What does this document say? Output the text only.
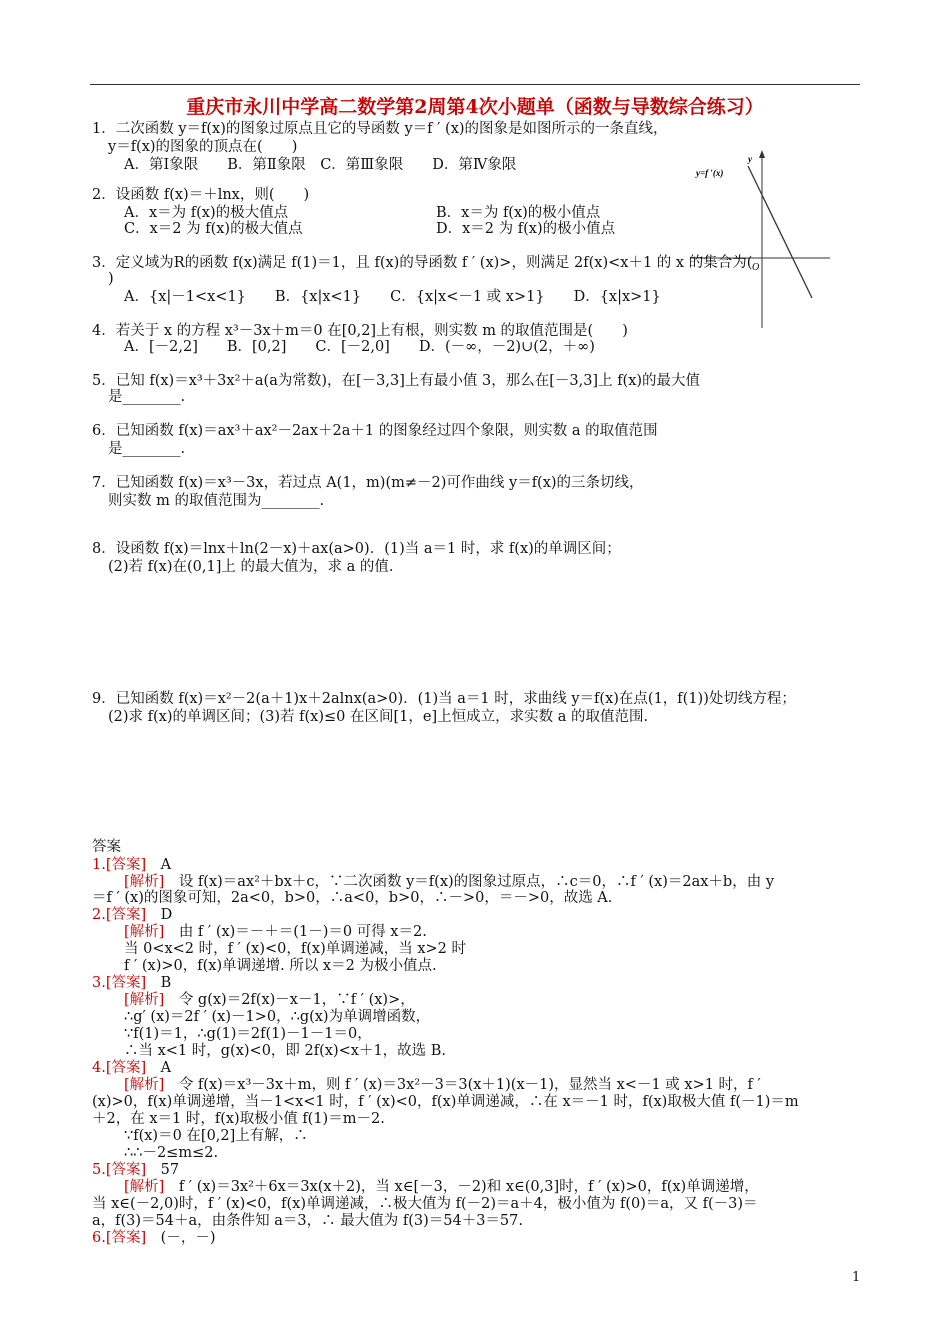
重庆市永川中学高二数学第2周第4次小题单（函数与导数综合练习）
1．二次函数 y＝f(x)的图象过原点且它的导函数 y＝f ′ (x)的图象是如图所示的一条直线，
y＝f(x)的图象的顶点在(　　)
A．第Ⅰ象限　　B．第Ⅱ象限　C．第Ⅲ象限　　D．第Ⅳ象限	y=f ′(x)
y
O
2．设函数 f(x)＝＋lnx，则(　　)
A．x＝为 f(x)的极大值点	B．x＝为 f(x)的极小值点
C．x＝2 为 f(x)的极大值点	D．x＝2 为 f(x)的极小值点
3．定义域为R的函数 f(x)满足 f(1)＝1，且 f(x)的导函数 f ′ (x)>，则满足 2f(x)<x＋1 的 x 的集合为(
)
A．{x|－1<x<1}　　B．{x|x<1}　　C．{x|x<－1 或 x>1}　　D．{x|x>1}
4．若关于 x 的方程 x³－3x＋m＝0 在[0,2]上有根，则实数 m 的取值范围是(　　)
A．[－2,2]　　B．[0,2]　　C．[－2,0]　　D．(－∞，－2)∪(2，＋∞)
5．已知 f(x)＝x³＋3x²＋a(a为常数)，在[－3,3]上有最小值 3，那么在[－3,3]上 f(x)的最大值
是________.
6．已知函数 f(x)＝ax³＋ax²－2ax＋2a＋1 的图象经过四个象限，则实数 a 的取值范围
是________.
7．已知函数 f(x)＝x³－3x，若过点 A(1，m)(m≠－2)可作曲线 y＝f(x)的三条切线，
则实数 m 的取值范围为________.
8．设函数 f(x)＝lnx＋ln(2－x)＋ax(a>0)．(1)当 a＝1 时，求 f(x)的单调区间；
(2)若 f(x)在(0,1]上 的最大值为，求 a 的值.
9．已知函数 f(x)＝x²－2(a＋1)x＋2alnx(a>0)．(1)当 a＝1 时，求曲线 y＝f(x)在点(1，f(1))处切线方程；
(2)求 f(x)的单调区间；(3)若 f(x)≤0 在区间[1，e]上恒成立，求实数 a 的取值范围.
答案
1.[答案]　 A
[解析]　 设 f(x)＝ax²＋bx＋c，∵二次函数 y＝f(x)的图象过原点，∴c＝0，∴f ′ (x)＝2ax＋b，由 y
＝f ′ (x)的图象可知，2a<0，b>0，∴a<0，b>0，∴－>0，＝－>0，故选 A.
2.[答案]　 D
[解析]　 由 f ′ (x)＝－＋＝(1－)＝0 可得 x＝2.
当 0<x<2 时，f ′ (x)<0，f(x)单调递减，当 x>2 时
f ′ (x)>0，f(x)单调递增. 所以 x＝2 为极小值点.
3.[答案]　 B
[解析]　 令 g(x)＝2f(x)－x－1，∵f ′ (x)>，
∴g′ (x)＝2f ′ (x)－1>0，∴g(x)为单调增函数，
∵f(1)＝1，∴g(1)＝2f(1)－1－1＝0，
∴当 x<1 时，g(x)<0，即 2f(x)<x＋1，故选 B.
4.[答案]　 A
[解析]　 令 f(x)＝x³－3x＋m，则 f ′ (x)＝3x²－3＝3(x＋1)(x－1)，显然当 x<－1 或 x>1 时，f ′
(x)>0，f(x)单调递增，当－1<x<1 时，f ′ (x)<0，f(x)单调递减，∴在 x＝－1 时，f(x)取极大值 f(－1)＝m
＋2，在 x＝1 时，f(x)取极小值 f(1)＝m－2.
∵f(x)＝0 在[0,2]上有解，∴
∴∴－2≤m≤2.
5.[答案]　 57
[解析]　 f ′ (x)＝3x²＋6x＝3x(x＋2)，当 x∈[－3，－2)和 x∈(0,3]时，f ′ (x)>0，f(x)单调递增，
当 x∈(－2,0)时，f ′ (x)<0，f(x)单调递减，∴极大值为 f(－2)＝a＋4，极小值为 f(0)＝a，又 f(－3)＝
a，f(3)＝54＋a，由条件知 a＝3，∴ 最大值为 f(3)＝54＋3＝57.
6.[答案]　 (－，－)
1
